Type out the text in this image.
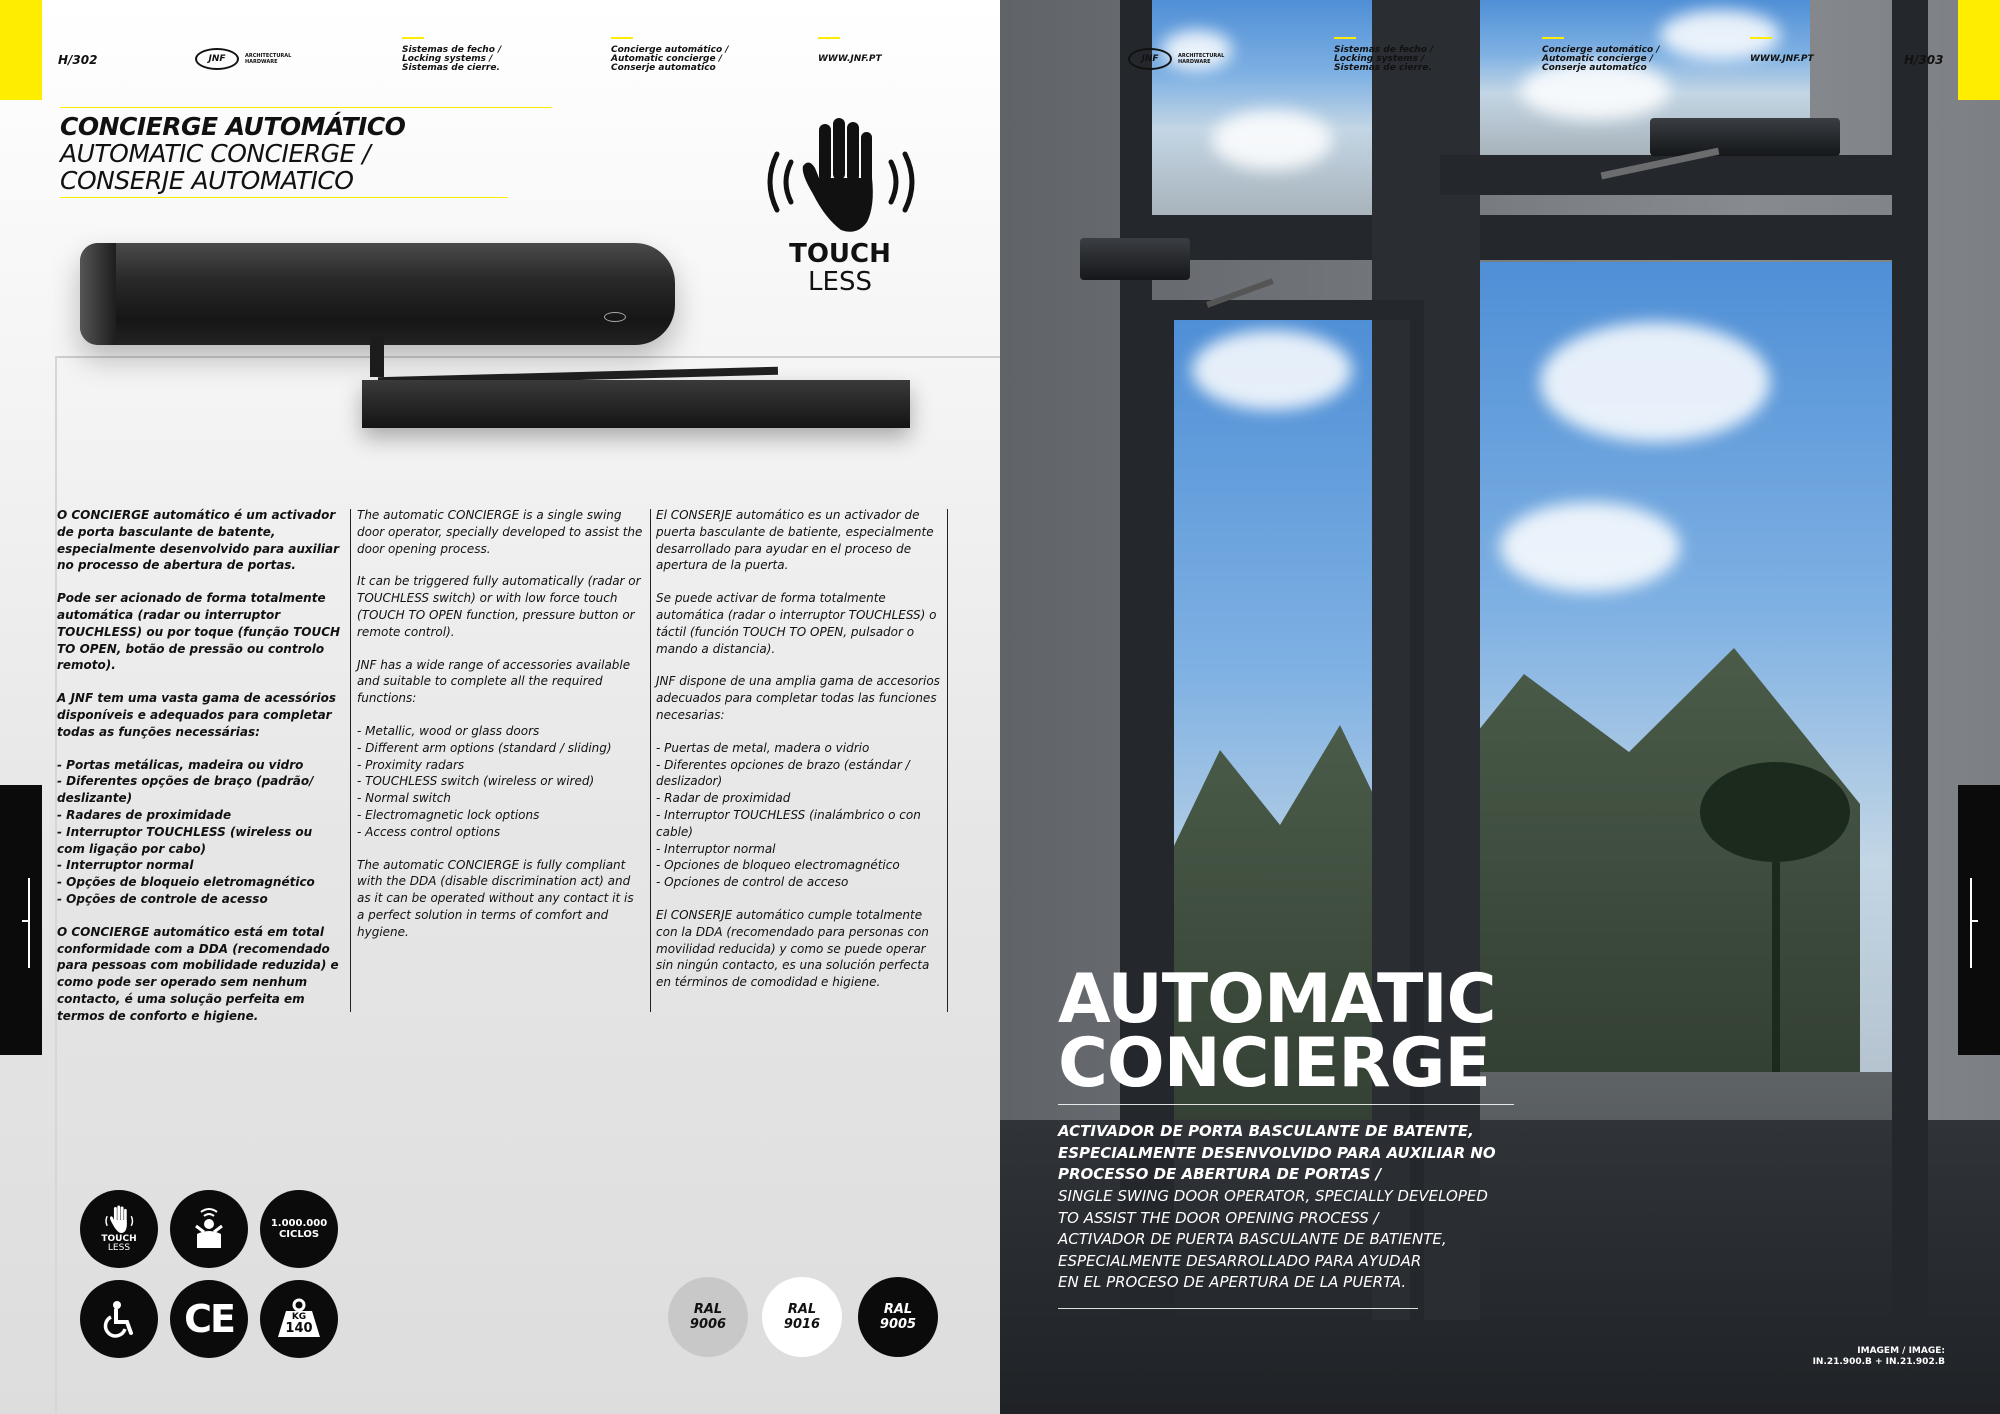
H/302	JNF	ARCHITECTURAL
HARDWARE
Sistemas de fecho /
Locking systems /
Sistemas de cierre.
Concierge automático /
Automatic concierge /
Conserje automatico
WWW.JNF.PT
CONCIERGE AUTOMÁTICO
AUTOMATIC CONCIERGE /
CONSERJE AUTOMATICO
TOUCH
LESS

O CONCIERGE automático é um activador de porta basculante de batente, especialmente desenvolvido para auxiliar no processo de abertura de portas.

Pode ser acionado de forma totalmente automática (radar ou interruptor TOUCHLESS) ou por toque (função TOUCH TO OPEN, botão de pressão ou controlo remoto).

A JNF tem uma vasta gama de acessórios disponíveis e adequados para completar todas as funções necessárias:

- Portas metálicas, madeira ou vidro
- Diferentes opções de braço (padrão/ deslizante)
- Radares de proximidade
- Interruptor TOUCHLESS (wireless ou com ligação por cabo)
- Interruptor normal
- Opções de bloqueio eletromagnético
- Opções de controle de acesso

O CONCIERGE automático está em total conformidade com a DDA (recomendado para pessoas com mobilidade reduzida) e como pode ser operado sem nenhum contacto, é uma solução perfeita em termos de conforto e higiene.

The automatic CONCIERGE is a single swing door operator, specially developed to assist the door opening process.

It can be triggered fully automatically (radar or TOUCHLESS switch) or with low force touch (TOUCH TO OPEN function, pressure button or remote control).

JNF has a wide range of accessories available and suitable to complete all the required functions:

- Metallic, wood or glass doors
- Different arm options (standard / sliding)
- Proximity radars
- TOUCHLESS switch (wireless or wired)
- Normal switch
- Electromagnetic lock options
- Access control options

The automatic CONCIERGE is fully compliant with the DDA (disable discrimination act) and as it can be operated without any contact it is a perfect solution in terms of comfort and hygiene.

El CONSERJE automático es un activador de puerta basculante de batiente, especialmente desarrollado para ayudar en el proceso de apertura de la puerta.

Se puede activar de forma totalmente automática (radar o interruptor TOUCHLESS) o táctil (función TOUCH TO OPEN, pulsador o mando a distancia).

JNF dispone de una amplia gama de accesorios adecuados para completar todas las funciones necesarias:

- Puertas de metal, madera o vidrio
- Diferentes opciones de brazo (estándar / deslizador)
- Radar de proximidad
- Interruptor TOUCHLESS (inalámbrico o con cable)
- Interruptor normal
- Opciones de bloqueo electromagnético
- Opciones de control de acceso

El CONSERJE automático cumple totalmente con la DDA (recomendado para personas con movilidad reducida) y como se puede operar sin ningún contacto, es una solución perfecta en términos de comodidad e higiene.

TOUCH
LESS
1.000.000
CICLOS
CE	KG
140
RAL
9006
RAL
9016
RAL
9005
JNF	ARCHITECTURAL
HARDWARE
Sistemas de fecho /
Locking systems /
Sistemas de cierre.
Concierge automático /
Automatic concierge /
Conserje automatico
WWW.JNF.PT	H/303
AUTOMATIC
CONCIERGE
ACTIVADOR DE PORTA BASCULANTE DE BATENTE,
ESPECIALMENTE DESENVOLVIDO PARA AUXILIAR NO
PROCESSO DE ABERTURA DE PORTAS /
SINGLE SWING DOOR OPERATOR, SPECIALLY DEVELOPED
TO ASSIST THE DOOR OPENING PROCESS /
ACTIVADOR DE PUERTA BASCULANTE DE BATIENTE,
ESPECIALMENTE DESARROLLADO PARA AYUDAR
EN EL PROCESO DE APERTURA DE LA PUERTA.
IMAGEM / IMAGE:
IN.21.900.B + IN.21.902.B
